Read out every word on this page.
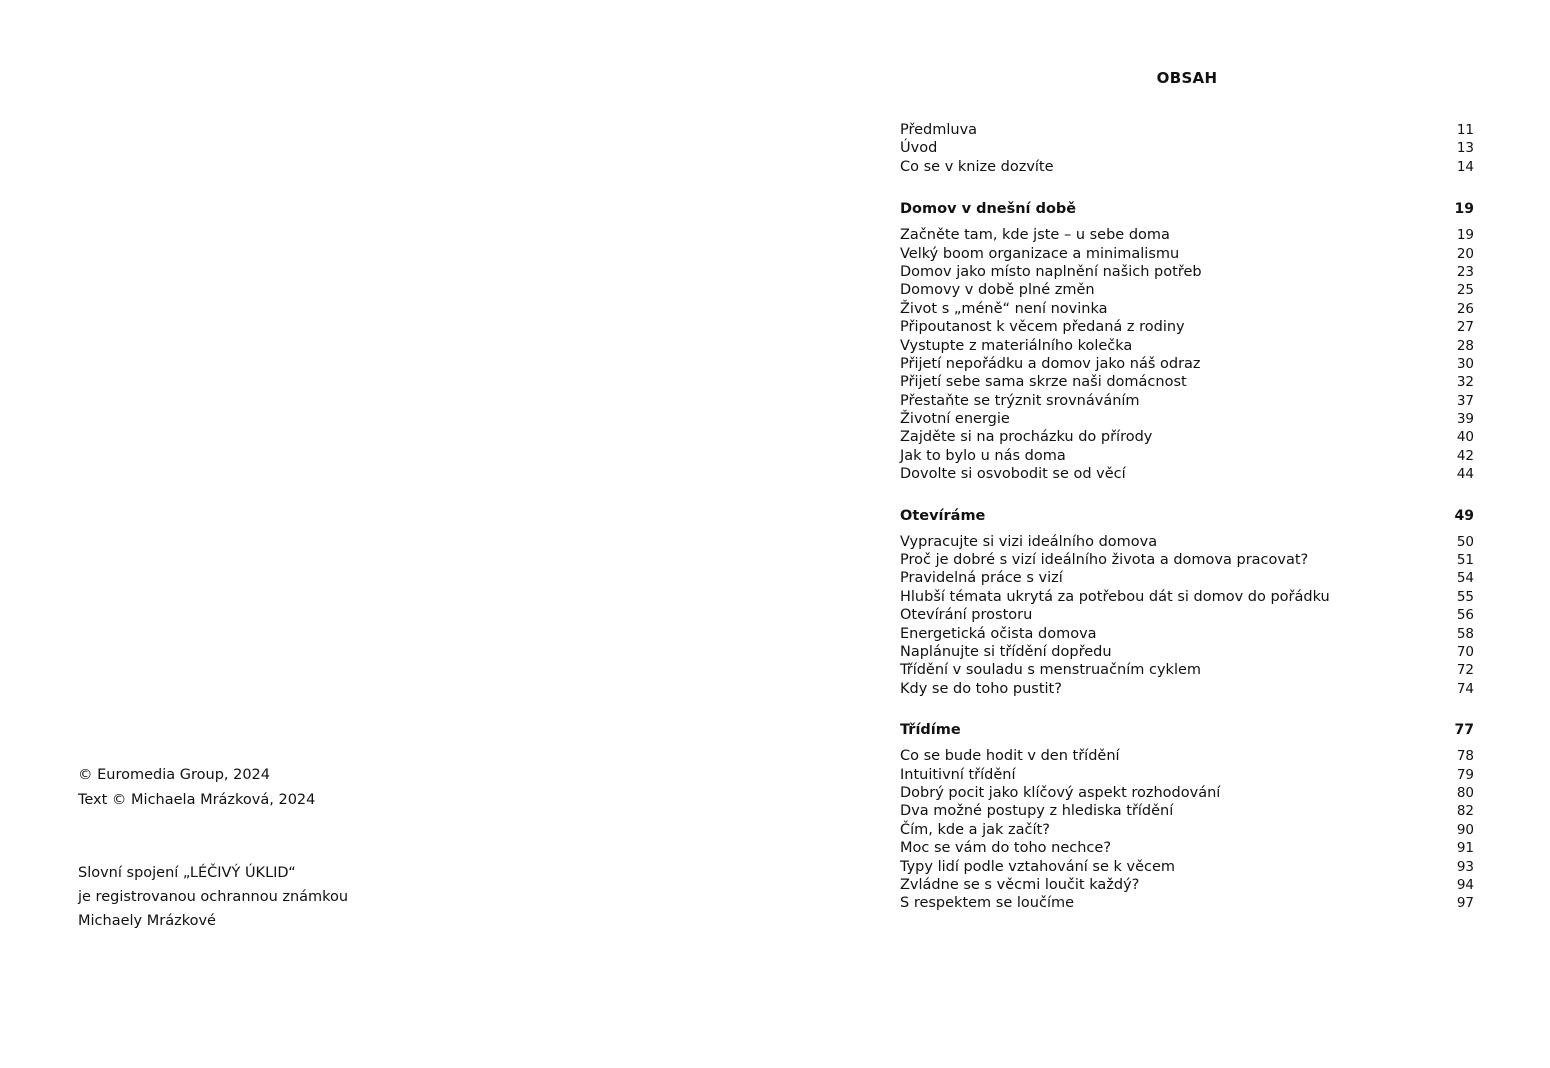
© Euromedia Group, 2024
Text © Michaela Mrázková, 2024
Slovní spojení „LÉČIVÝ ÚKLID“
je registrovanou ochrannou známkou
Michaely Mrázkové
OBSAH
Předmluva	11
Úvod	13
Co se v knize dozvíte	14
Domov v dnešní době	19
Začněte tam, kde jste – u sebe doma	19
Velký boom organizace a minimalismu	20
Domov jako místo naplnění našich potřeb	23
Domovy v době plné změn	25
Život s „méně“ není novinka	26
Připoutanost k věcem předaná z rodiny	27
Vystupte z materiálního kolečka	28
Přijetí nepořádku a domov jako náš odraz	30
Přijetí sebe sama skrze naši domácnost	32
Přestaňte se trýznit srovnáváním	37
Životní energie	39
Zajděte si na procházku do přírody	40
Jak to bylo u nás doma	42
Dovolte si osvobodit se od věcí	44
Otevíráme	49
Vypracujte si vizi ideálního domova	50
Proč je dobré s vizí ideálního života a domova pracovat?	51
Pravidelná práce s vizí	54
Hlubší témata ukrytá za potřebou dát si domov do pořádku	55
Otevírání prostoru	56
Energetická očista domova	58
Naplánujte si třídění dopředu	70
Třídění v souladu s menstruačním cyklem	72
Kdy se do toho pustit?	74
Třídíme	77
Co se bude hodit v den třídění	78
Intuitivní třídění	79
Dobrý pocit jako klíčový aspekt rozhodování	80
Dva možné postupy z hlediska třídění	82
Čím, kde a jak začít?	90
Moc se vám do toho nechce?	91
Typy lidí podle vztahování se k věcem	93
Zvládne se s věcmi loučit každý?	94
S respektem se loučíme	97
